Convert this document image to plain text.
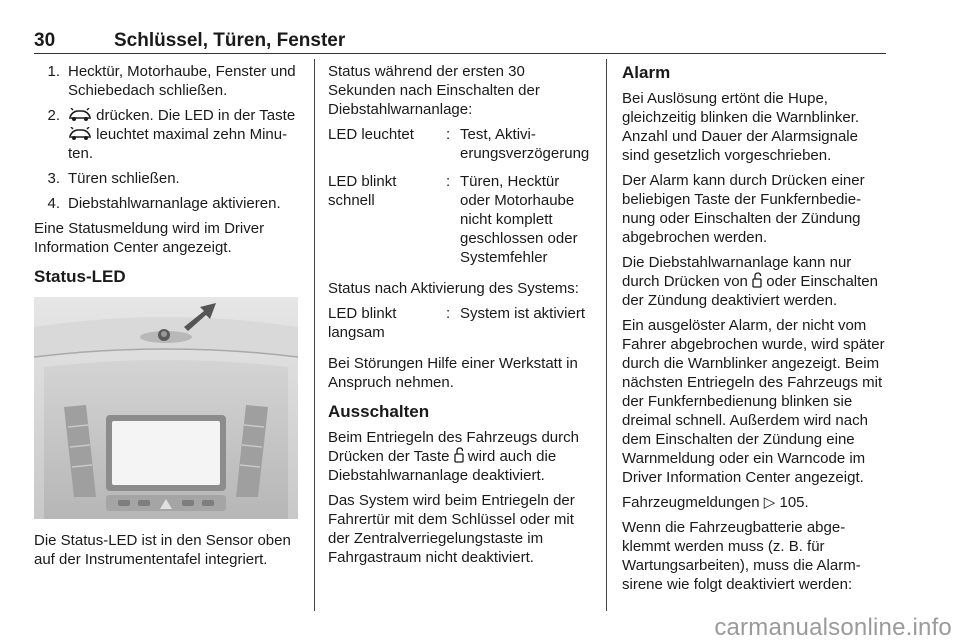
30	Schlüssel, Türen, Fenster
1. Hecktür, Motorhaube, Fenster und Schiebedach schließen.
2.	drücken. Die LED in der Taste  leuchtet maximal zehn Minuten.
3. Türen schließen.
4. Diebstahlwarnanlage aktivieren.

Eine Statusmeldung wird im Driver Information Center angezeigt.

Status-LED

Die Status-LED ist in den Sensor oben auf der Instrumententafel integriert.

Status während der ersten 30 Sekunden nach Einschalten der Diebstahlwarnanlage:

LED leuchtet	: Test, Aktivierungsverzögerung
LED blinkt schnell
: Türen, Hecktür oder Motorhaube nicht komplett geschlossen oder Systemfehler

Status nach Aktivierung des Systems:

LED blinkt langsam
: System ist aktiviert

Bei Störungen Hilfe einer Werkstatt in Anspruch nehmen.

Ausschalten

Beim Entriegeln des Fahrzeugs durch Drücken der Taste  wird auch die Diebstahlwarnanlage deaktiviert.

Das System wird beim Entriegeln der Fahrertür mit dem Schlüssel oder mit der Zentralverriegelungstaste im Fahrgastraum nicht deaktiviert.

Alarm

Bei Auslösung ertönt die Hupe, gleichzeitig blinken die Warnblinker. Anzahl und Dauer der Alarmsignale sind gesetzlich vorgeschrieben.

Der Alarm kann durch Drücken einer beliebigen Taste der Funkfernbedienung oder Einschalten der Zündung abgebrochen werden.

Die Diebstahlwarnanlage kann nur durch Drücken von  oder Einschalten der Zündung deaktiviert werden.

Ein ausgelöster Alarm, der nicht vom Fahrer abgebrochen wurde, wird später durch die Warnblinker angezeigt. Beim nächsten Entriegeln des Fahrzeugs mit der Funkfernbedienung blinken sie dreimal schnell. Außerdem wird nach dem Einschalten der Zündung eine Warnmeldung oder ein Warncode im Driver Information Center angezeigt.

Fahrzeugmeldungen ▷ 105.

Wenn die Fahrzeugbatterie abgeklemmt werden muss (z. B. für Wartungsarbeiten), muss die Alarmsirene wie folgt deaktiviert werden:

carmanualsonline.info
